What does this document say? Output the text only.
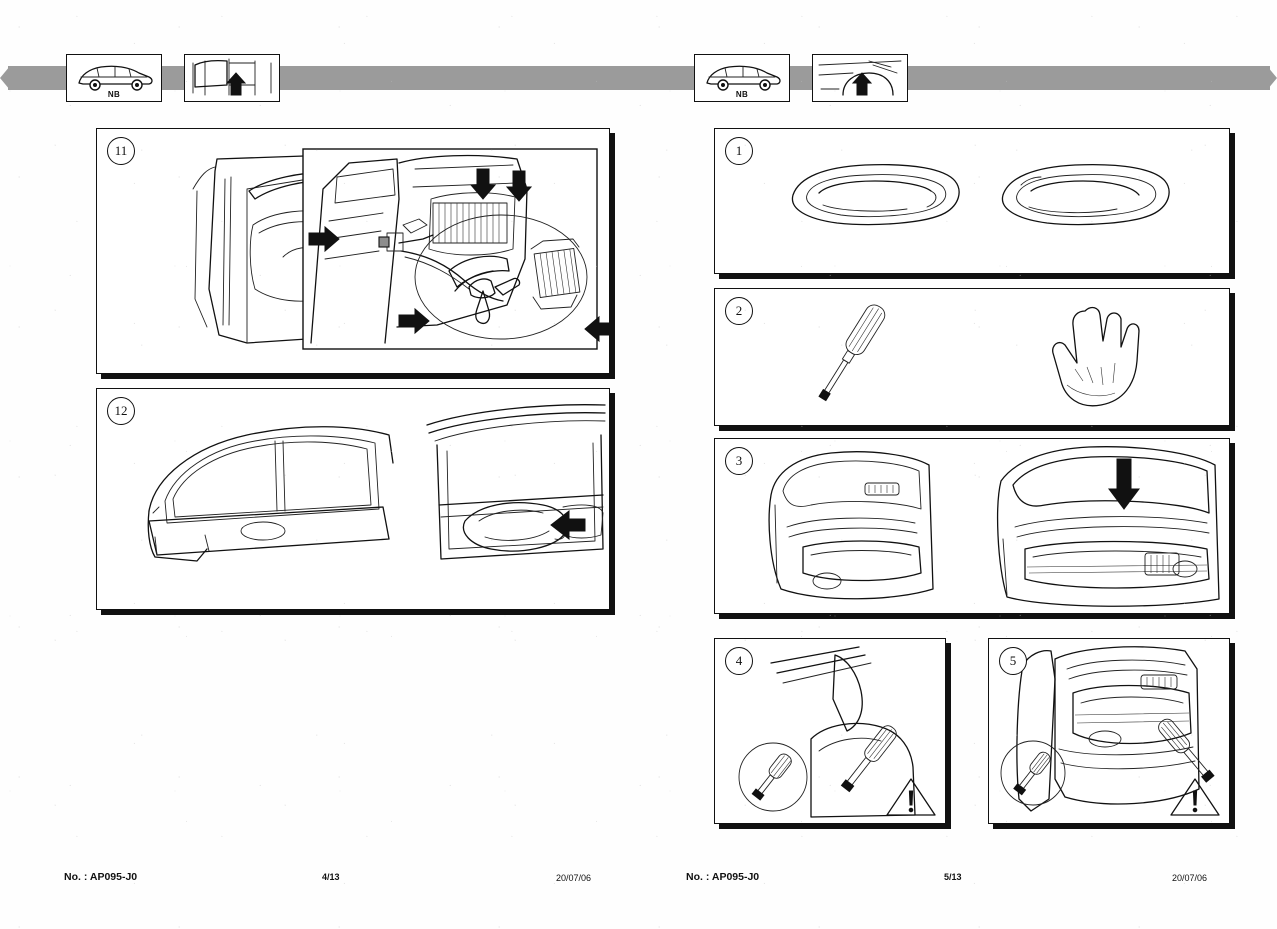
NB	NB
11
12
1
2
3
4	5
No. : AP095-J0	4/13	20/07/06	No. : AP095-J0	5/13	20/07/06
